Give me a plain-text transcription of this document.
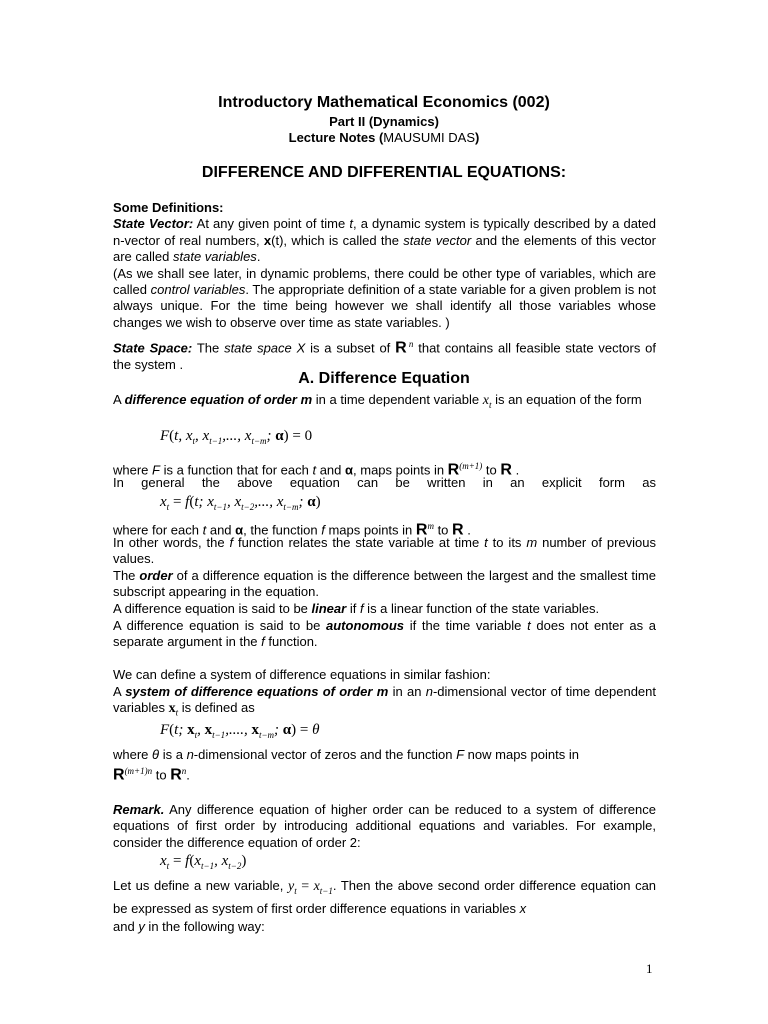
Introductory Mathematical Economics (002)
Part II (Dynamics)
Lecture Notes (MAUSUMI DAS)
DIFFERENCE AND DIFFERENTIAL EQUATIONS:
Some Definitions:
State Vector: At any given point of time t, a dynamic system is typically described by a dated n-vector of real numbers, x(t), which is called the state vector and the elements of this vector are called state variables.
(As we shall see later, in dynamic problems, there could be other type of variables, which are called control variables. The appropriate definition of a state variable for a given problem is not always unique. For the time being however we shall identify all those variables whose changes we wish to observe over time as state variables. )
State Space: The state space X is a subset of R $^n$ that contains all feasible state vectors of the system .
A. Difference Equation
A difference equation of order m in a time dependent variable $x_t$ is an equation of the form
F(t, $x_t$, $x_{t-1}$,..., $x_{t-m}$; α) = 0
where F is a function that for each t and α, maps points in $R^{(m+1)}$ to R .
In general the above equation can be written in an explicit form as
$x_t = f(t$; $x_{t-1}$, $x_{t-2}$,..., $x_{t-m}$; α)
where for each t and α, the function f maps points in $R^m$ to R .
In other words, the f function relates the state variable at time t to its m number of previous values.
The order of a difference equation is the difference between the largest and the smallest time subscript appearing in the equation.
A difference equation is said to be linear if f is a linear function of the state variables.
A difference equation is said to be autonomous if the time variable t does not enter as a separate argument in the f function.
We can define a system of difference equations in similar fashion:
A system of difference equations of order m in an n-dimensional vector of time dependent variables $x_t$ is defined as
F(t; $x_t$, $x_{t-1}$,...., $x_{t-m}$; α) = θ
where θ is a n-dimensional vector of zeros and the function F now maps points in
$R^{(m+1)n}$ to $R^n$.
Remark. Any difference equation of higher order can be reduced to a system of difference equations of first order by introducing additional equations and variables. For example, consider the difference equation of order 2:
$x_t = f(x_{t-1}$, $x_{t-2}$)
Let us define a new variable, $y_t = x_{t-1}$. Then the above second order difference equation can be expressed as system of first order difference equations in variables x
and y in the following way:
1
